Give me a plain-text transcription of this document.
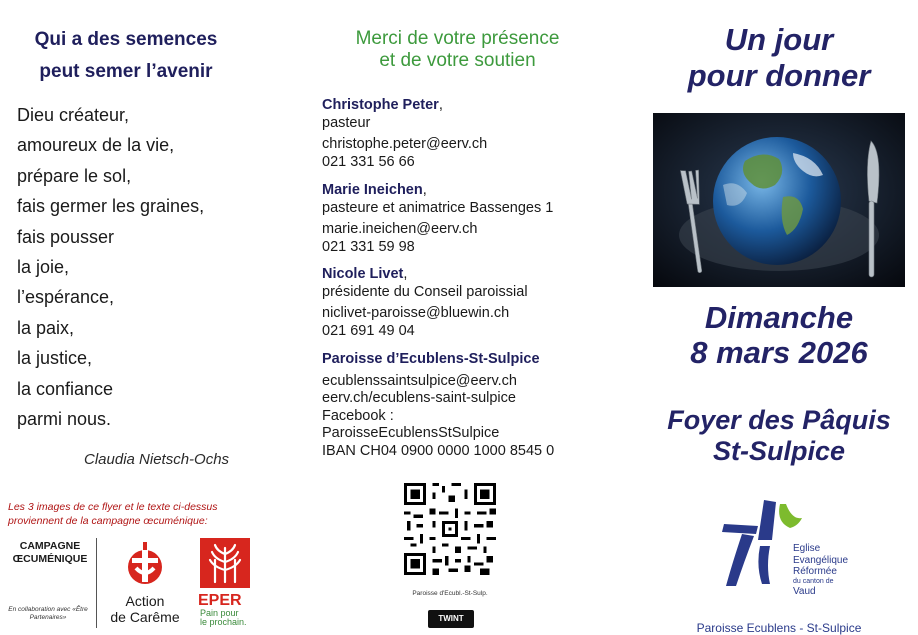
Qui a des semences
peut semer l’avenir
Dieu créateur,
amoureux de la vie,
prépare le sol,
fais germer les graines,
fais pousser
la joie,
l’espérance,
la paix,
la justice,
la confiance
parmi nous.
Claudia Nietsch-Ochs
Les 3 images de ce flyer et le texte ci-dessus proviennent de la campagne œcuménique:
CAMPAGNE
ŒCUMÉNIQUE
En collaboration avec «Être Partenaires»
Action
de Carême
EPER
Pain pour
le prochain.
Merci de votre présence
et de votre soutien
Christophe Peter,
pasteur
christophe.peter@eerv.ch
021 331 56 66
Marie Ineichen,
pasteure et animatrice Bassenges 1
marie.ineichen@eerv.ch
021 331 59 98
Nicole Livet,
présidente du Conseil paroissial
niclivet-paroisse@bluewin.ch
021 691 49 04
Paroisse d’Ecublens-St-Sulpice
ecublenssaintsulpice@eerv.ch
eerv.ch/ecublens-saint-sulpice
Facebook :
ParoisseEcublensStSulpice
IBAN CH04 0900 0000 1000 8545 0
Paroisse d'Ecubl.-St-Sulp.
TWINT
Un jour
pour donner
Dimanche
8 mars 2026
Foyer des Pâquis
St-Sulpice
Eglise
Evangélique
Réformée
du canton de
Vaud
Paroisse Ecublens - St-Sulpice
